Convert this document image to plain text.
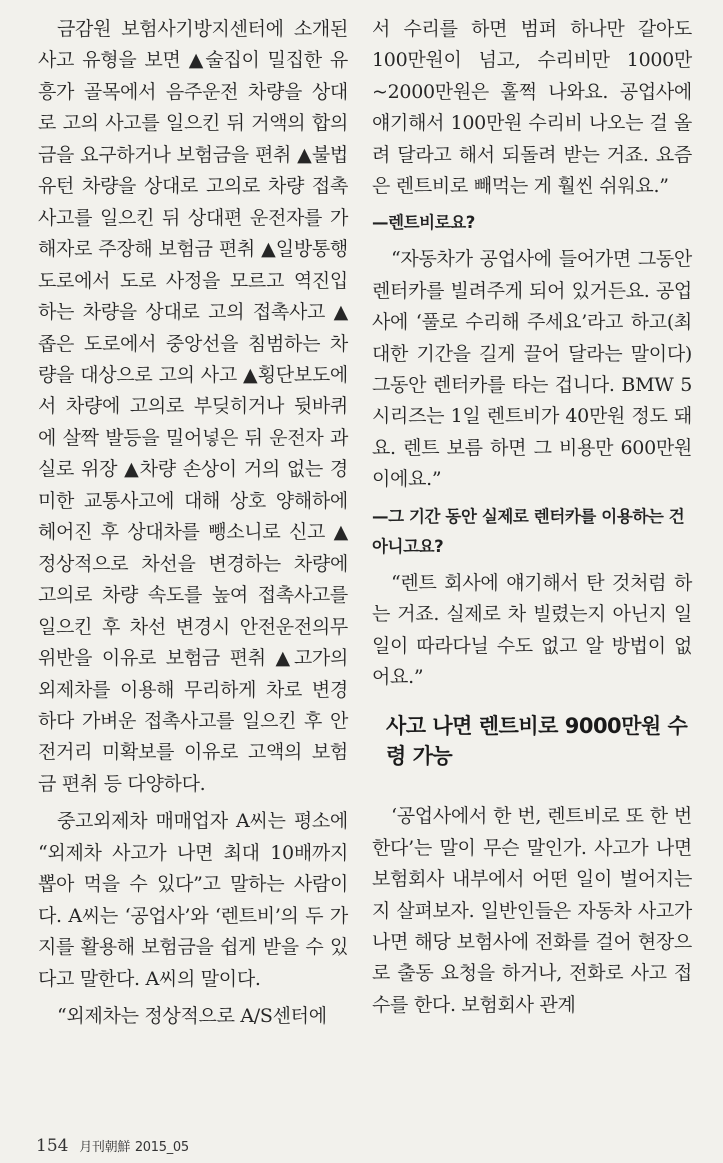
금감원 보험사기방지센터에 소개된 사고 유형을 보면 ▲술집이 밀집한 유흥가 골목에서 음주운전 차량을 상대로 고의 사고를 일으킨 뒤 거액의 합의금을 요구하거나 보험금을 편취 ▲불법 유턴 차량을 상대로 고의로 차량 접촉 사고를 일으킨 뒤 상대편 운전자를 가해자로 주장해 보험금 편취 ▲일방통행 도로에서 도로 사정을 모르고 역진입하는 차량을 상대로 고의 접촉사고 ▲좁은 도로에서 중앙선을 침범하는 차량을 대상으로 고의 사고 ▲횡단보도에서 차량에 고의로 부딪히거나 뒷바퀴에 살짝 발등을 밀어넣은 뒤 운전자 과실로 위장 ▲차량 손상이 거의 없는 경미한 교통사고에 대해 상호 양해하에 헤어진 후 상대차를 뺑소니로 신고 ▲정상적으로 차선을 변경하는 차량에 고의로 차량 속도를 높여 접촉사고를 일으킨 후 차선 변경시 안전운전의무 위반을 이유로 보험금 편취 ▲고가의 외제차를 이용해 무리하게 차로 변경하다 가벼운 접촉사고를 일으킨 후 안전거리 미확보를 이유로 고액의 보험금 편취 등 다양하다.

중고외제차 매매업자 A씨는 평소에 “외제차 사고가 나면 최대 10배까지 뽑아 먹을 수 있다”고 말하는 사람이다. A씨는 ‘공업사’와 ‘렌트비’의 두 가지를 활용해 보험금을 쉽게 받을 수 있다고 말한다. A씨의 말이다.

“외제차는 정상적으로 A/S센터에

서 수리를 하면 범퍼 하나만 갈아도 100만원이 넘고, 수리비만 1000만~2000만원은 훌쩍 나와요. 공업사에 얘기해서 100만원 수리비 나오는 걸 올려 달라고 해서 되돌려 받는 거죠. 요즘은 렌트비로 빼먹는 게 훨씬 쉬워요.”

—렌트비로요?

“자동차가 공업사에 들어가면 그동안 렌터카를 빌려주게 되어 있거든요. 공업사에 ‘풀로 수리해 주세요’라고 하고(최대한 기간을 길게 끌어 달라는 말이다) 그동안 렌터카를 타는 겁니다. BMW 5시리즈는 1일 렌트비가 40만원 정도 돼요. 렌트 보름 하면 그 비용만 600만원이에요.”

—그 기간 동안 실제로 렌터카를 이용하는 건 아니고요?

“렌트 회사에 얘기해서 탄 것처럼 하는 거죠. 실제로 차 빌렸는지 아닌지 일일이 따라다닐 수도 없고 알 방법이 없어요.”

사고 나면 렌트비로 9000만원 수령 가능

‘공업사에서 한 번, 렌트비로 또 한 번 한다’는 말이 무슨 말인가. 사고가 나면 보험회사 내부에서 어떤 일이 벌어지는지 살펴보자. 일반인들은 자동차 사고가 나면 해당 보험사에 전화를 걸어 현장으로 출동 요청을 하거나, 전화로 사고 접수를 한다. 보험회사 관계

154 月刊朝鮮 2015_05
